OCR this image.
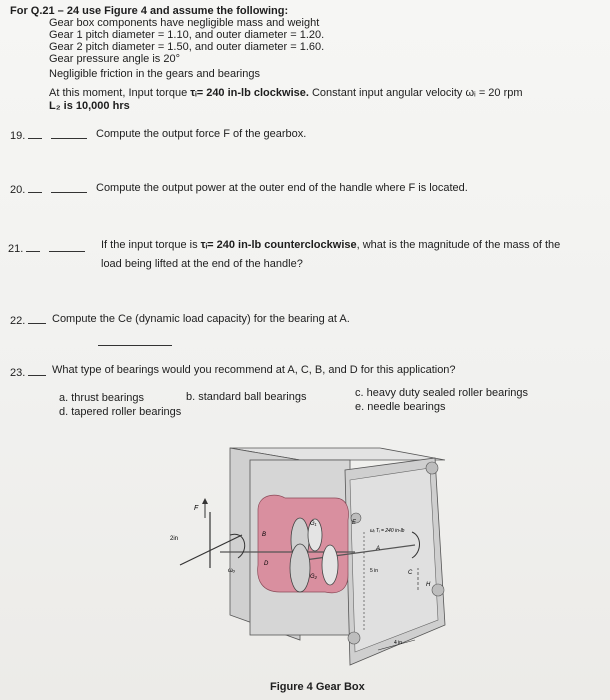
For Q.21 – 24 use Figure 4 and assume the following:
Gear box components have negligible mass and weight
Gear 1 pitch diameter = 1.10, and outer diameter = 1.20.
Gear 2 pitch diameter = 1.50, and outer diameter = 1.60.
Gear pressure angle is 20°
Negligible friction in the gears and bearings
At this moment, Input torque τᵢ= 240 in-lb clockwise. Constant input angular velocity ωᵢ = 20 rpm
L₂ is 10,000 hrs
19.	Compute the output force F of the gearbox.
20.	Compute the output power at the outer end of the handle where F is located.
21.	If the input torque is τᵢ= 240 in-lb counterclockwise, what is the magnitude of the mass of the
load being lifted at the end of the handle?
22.	Compute the Ce (dynamic load capacity) for the bearing at A.
23.	What type of bearings would you recommend at A, C, B, and D for this application?
a. thrust bearings	b. standard ball bearings	c. heavy duty sealed roller bearings
d. tapered roller bearings	e. needle bearings
F
2in
ωₒ
B
D
G₁
G₂
E
ωᵢ Tᵢ = 240 in-lb
A
C
H
5 in
4 in
Figure 4 Gear Box
